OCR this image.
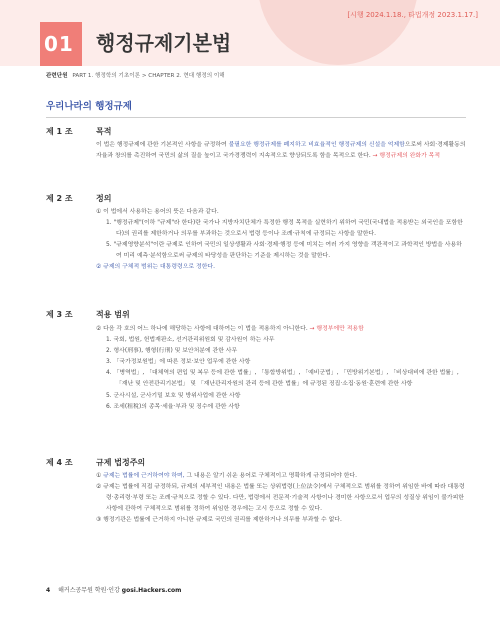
01 행정규제기본법
[시행 2024.1.18., 타법개정 2023.1.17.]
관련단원 PART 1. 행정학의 기초이론 > CHAPTER 2. 현대 행정의 이해
우리나라의 행정규제
제 1 조	목적

이 법은 행정규제에 관한 기본적인 사항을 규정하여 불필요한 행정규제를 폐지하고 비효율적인 행정규제의 신설을 억제함으로써 사회·경제활동의 자율과 창의를 촉진하여 국민의 삶의 질을 높이고 국가경쟁력이 지속적으로 향상되도록 함을 목적으로 한다. → 행정규제의 완화가 목적

제 2 조	정의

① 이 법에서 사용하는 용어의 뜻은 다음과 같다.

1. "행정규제"(이하 "규제"라 한다)란 국가나 지방자치단체가 특정한 행정 목적을 실현하기 위하여 국민(국내법을 적용받는 외국인을 포함한다)의 권리를 제한하거나 의무를 부과하는 것으로서 법령 등이나 조례·규칙에 규정되는 사항을 말한다.

5. "규제영향분석"이란 규제로 인하여 국민의 일상생활과 사회·경제·행정 등에 미치는 여러 가지 영향을 객관적이고 과학적인 방법을 사용하여 미리 예측·분석함으로써 규제의 타당성을 판단하는 기준을 제시하는 것을 말한다.

② 규제의 구체적 범위는 대통령령으로 정한다.

제 3 조	적용 범위

② 다음 각 호의 어느 하나에 해당하는 사항에 대하여는 이 법을 적용하지 아니한다. → 행정부에만 적용함

1. 국회, 법원, 헌법재판소, 선거관리위원회 및 감사원이 하는 사무

2. 형사(刑事), 행형(行刑) 및 보안처분에 관한 사무

3. 「국가정보원법」에 따른 정보·보안 업무에 관한 사항

4. 「병역법」, 「대체역의 편입 및 복무 등에 관한 법률」, 「통합방위법」, 「예비군법」, 「민방위기본법」, 「비상대비에 관한 법률」, 「재난 및 안전관리기본법」 및 「재난관리자원의 관리 등에 관한 법률」에 규정된 징집·소집·동원·훈련에 관한 사항

5. 군사시설, 군사기밀 보호 및 방위사업에 관한 사항

6. 조세(租稅)의 종목·세율·부과 및 징수에 관한 사항

제 4 조	규제 법정주의

① 규제는 법률에 근거하여야 하며, 그 내용은 알기 쉬운 용어로 구체적이고 명확하게 규정되어야 한다.

② 규제는 법률에 직접 규정하되, 규제의 세부적인 내용은 법률 또는 상위법령(上位法令)에서 구체적으로 범위를 정하여 위임한 바에 따라 대통령령·총리령·부령 또는 조례·규칙으로 정할 수 있다. 다만, 법령에서 전문적·기술적 사항이나 경미한 사항으로서 업무의 성질상 위임이 불가피한 사항에 관하여 구체적으로 범위를 정하여 위임한 경우에는 고시 등으로 정할 수 있다.

③ 행정기관은 법률에 근거하지 아니한 규제로 국민의 권리를 제한하거나 의무를 부과할 수 없다.

4 해커스공무원 학원·인강 gosi.Hackers.com
